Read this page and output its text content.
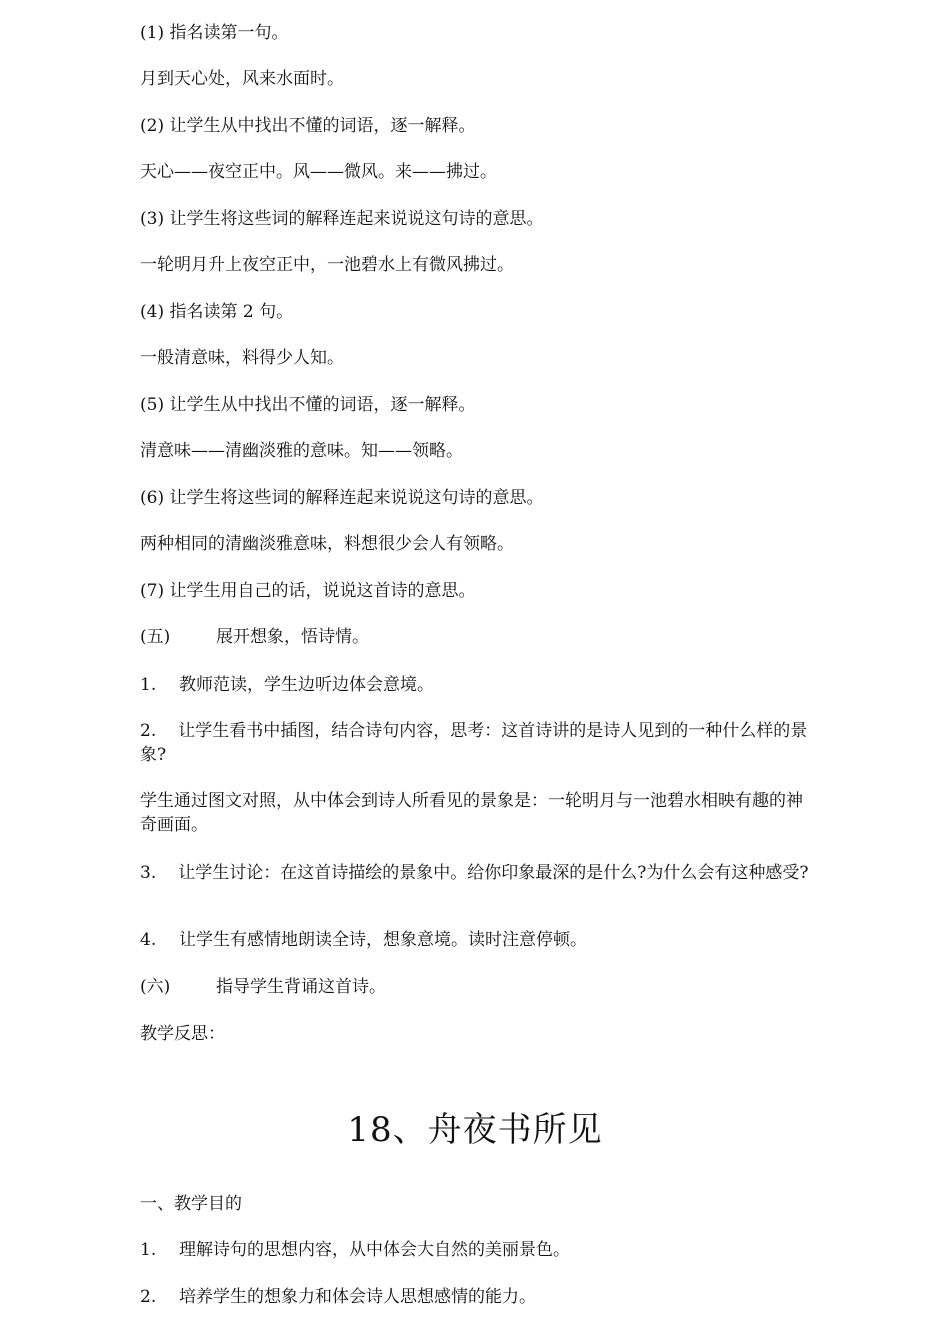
(1) 指名读第一句。
月到天心处，风来水面时。
(2) 让学生从中找出不懂的词语，逐一解释。
天心——夜空正中。风——微风。来——拂过。
(3) 让学生将这些词的解释连起来说说这句诗的意思。
一轮明月升上夜空正中，一池碧水上有微风拂过。
(4) 指名读第 2 句。
一般清意味，料得少人知。
(5) 让学生从中找出不懂的词语，逐一解释。
清意味——清幽淡雅的意味。知——领略。
(6) 让学生将这些词的解释连起来说说这句诗的意思。
两种相同的清幽淡雅意味，料想很少会人有领略。
(7) 让学生用自己的话，说说这首诗的意思。
(五)	展开想象，悟诗情。
1. 教师范读，学生边听边体会意境。
2. 让学生看书中插图，结合诗句内容，思考：这首诗讲的是诗人见到的一种什么样的景象?
学生通过图文对照，从中体会到诗人所看见的景象是：一轮明月与一池碧水相映有趣的神奇画面。
3. 让学生讨论：在这首诗描绘的景象中。给你印象最深的是什么?为什么会有这种感受?
4. 让学生有感情地朗读全诗，想象意境。读时注意停顿。
(六)	指导学生背诵这首诗。
教学反思：
18、舟夜书所见
一、教学目的
1. 理解诗句的思想内容，从中体会大自然的美丽景色。
2. 培养学生的想象力和体会诗人思想感情的能力。
